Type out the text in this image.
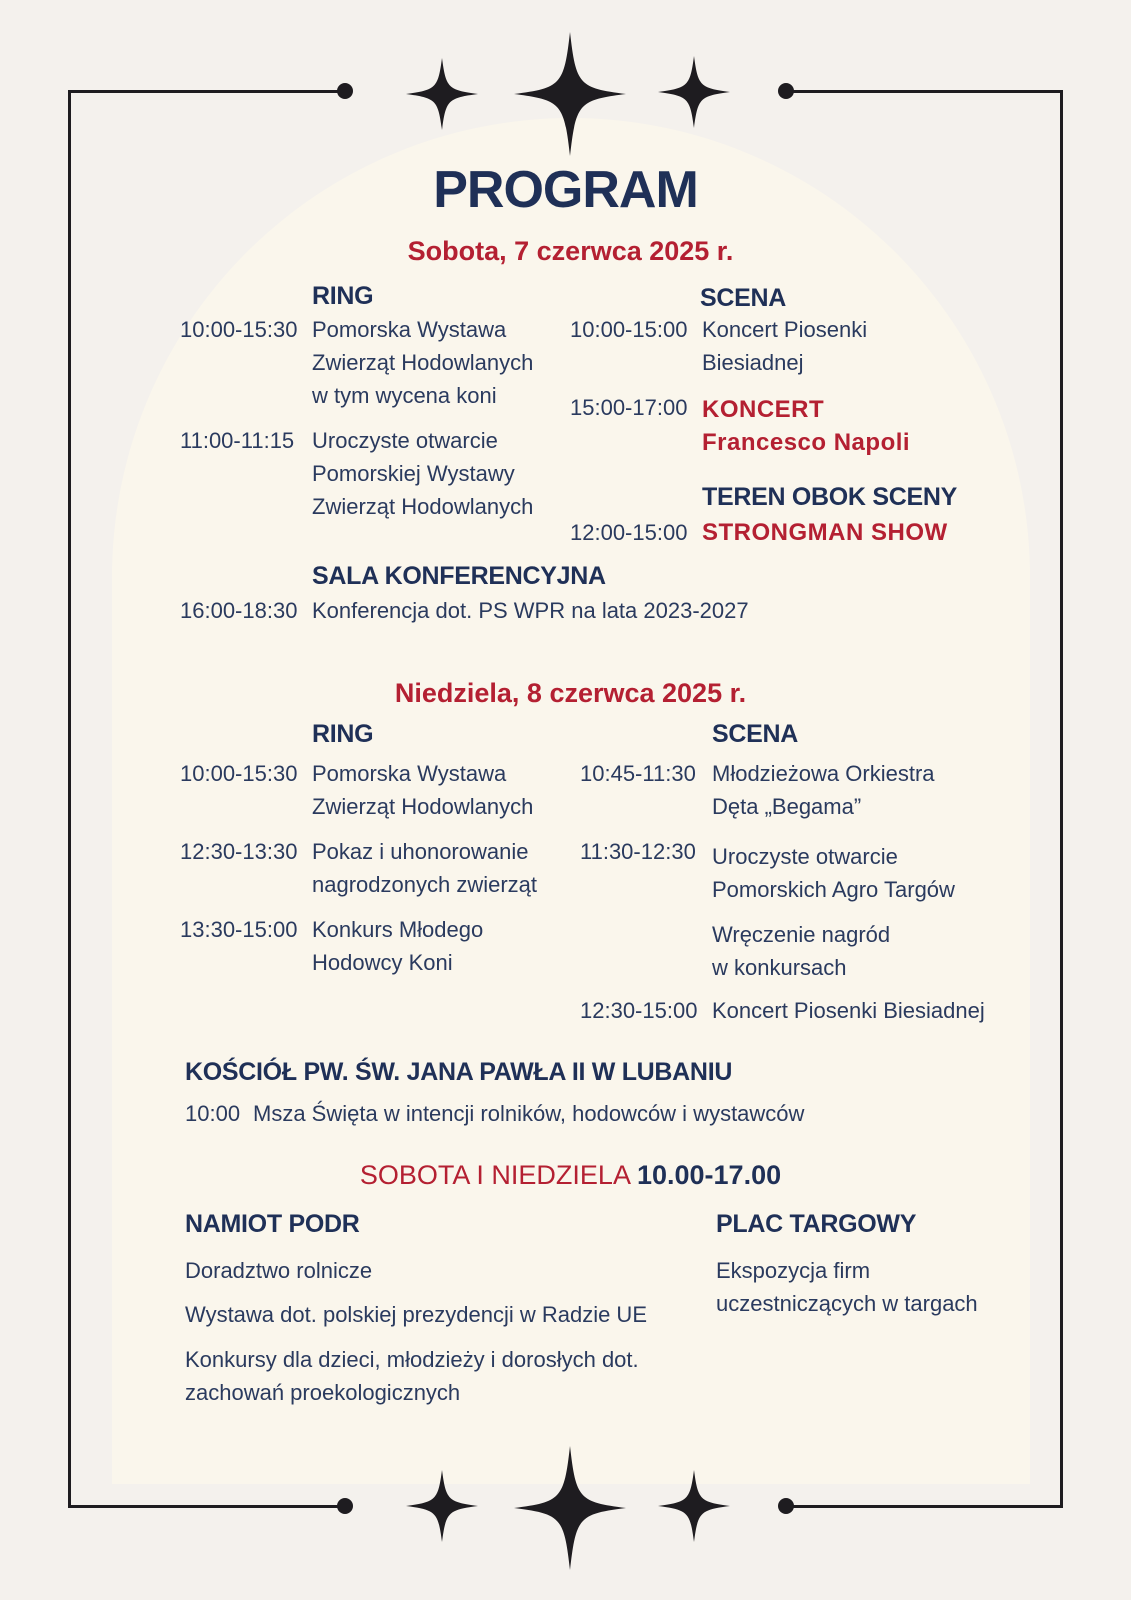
PROGRAM
Sobota, 7 czerwca 2025 r.
RING
10:00-15:30 Pomorska Wystawa
Zwierząt Hodowlanych
w tym wycena koni
11:00-11:15 Uroczyste otwarcie
Pomorskiej Wystawy
Zwierząt Hodowlanych
SCENA
10:00-15:00 Koncert Piosenki
Biesiadnej
15:00-17:00 KONCERT
Francesco Napoli
TEREN OBOK SCENY
12:00-15:00 STRONGMAN SHOW
SALA KONFERENCYJNA
16:00-18:30 Konferencja dot. PS WPR na lata 2023-2027
Niedziela, 8 czerwca 2025 r.
RING
10:00-15:30 Pomorska Wystawa
Zwierząt Hodowlanych
12:30-13:30 Pokaz i uhonorowanie
nagrodzonych zwierząt
13:30-15:00 Konkurs Młodego
Hodowcy Koni
SCENA
10:45-11:30 Młodzieżowa Orkiestra
Dęta „Begama”
11:30-12:30 Uroczyste otwarcie
Pomorskich Agro Targów
Wręczenie nagród
w konkursach
12:30-15:00 Koncert Piosenki Biesiadnej
KOŚCIÓŁ PW. ŚW. JANA PAWŁA II W LUBANIU
10:00 Msza Święta w intencji rolników, hodowców i wystawców
SOBOTA I NIEDZIELA 10.00-17.00
NAMIOT PODR
Doradztwo rolnicze
Wystawa dot. polskiej prezydencji w Radzie UE
Konkursy dla dzieci, młodzieży i dorosłych dot.
zachowań proekologicznych
PLAC TARGOWY
Ekspozycja firm
uczestniczących w targach
